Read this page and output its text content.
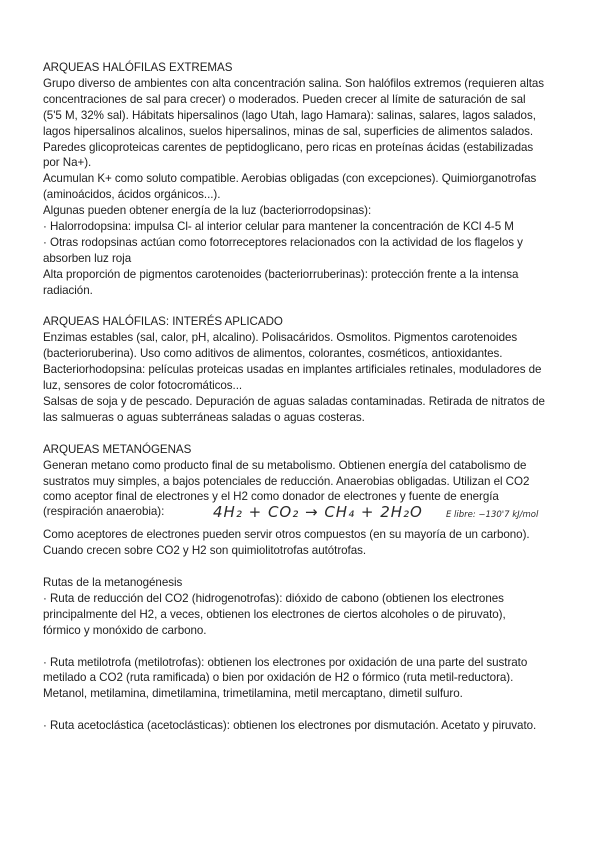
ARQUEAS HALÓFILAS EXTREMAS
Grupo diverso de ambientes con alta concentración salina. Son halófilos extremos (requieren altas
concentraciones de sal para crecer) o moderados. Pueden crecer al límite de saturación de sal
(5'5 M, 32% sal). Hábitats hipersalinos (lago Utah, lago Hamara): salinas, salares, lagos salados,
lagos hipersalinos alcalinos, suelos hipersalinos, minas de sal, superficies de alimentos salados.
Paredes glicoproteicas carentes de peptidoglicano, pero ricas en proteínas ácidas (estabilizadas
por Na+).
Acumulan K+ como soluto compatible. Aerobias obligadas (con excepciones). Quimiorganotrofas
(aminoácidos, ácidos orgánicos...).
Algunas pueden obtener energía de la luz (bacteriorrodopsinas):
· Halorrodopsina: impulsa Cl- al interior celular para mantener la concentración de KCl 4-5 M
· Otras rodopsinas actúan como fotorreceptores relacionados con la actividad de los flagelos y
absorben luz roja
Alta proporción de pigmentos carotenoides (bacteriorruberinas): protección frente a la intensa
radiación.
ARQUEAS HALÓFILAS: INTERÉS APLICADO
Enzimas estables (sal, calor, pH, alcalino). Polisacáridos. Osmolitos. Pigmentos carotenoides
(bacterioruberina). Uso como aditivos de alimentos, colorantes, cosméticos, antioxidantes.
Bacteriorhodopsina: películas proteicas usadas en implantes artificiales retinales, moduladores de
luz, sensores de color fotocromáticos...
Salsas de soja y de pescado. Depuración de aguas saladas contaminadas. Retirada de nitratos de
las salmueras o aguas subterráneas saladas o aguas costeras.
ARQUEAS METANÓGENAS
Generan metano como producto final de su metabolismo. Obtienen energía del catabolismo de
sustratos muy simples, a bajos potenciales de reducción. Anaerobias obligadas. Utilizan el CO2
como aceptor final de electrones y el H2 como donador de electrones y fuente de energía
(respiración anaerobia):	4H₂ + CO₂ → CH₄ + 2H₂O	E libre: −130'7 kJ/mol
Como aceptores de electrones pueden servir otros compuestos (en su mayoría de un carbono).
Cuando crecen sobre CO2 y H2 son quimiolitotrofas autótrofas.
Rutas de la metanogénesis
· Ruta de reducción del CO2 (hidrogenotrofas): dióxido de cabono (obtienen los electrones
principalmente del H2, a veces, obtienen los electrones de ciertos alcoholes o de piruvato),
fórmico y monóxido de carbono.
· Ruta metilotrofa (metilotrofas): obtienen los electrones por oxidación de una parte del sustrato
metilado a CO2 (ruta ramificada) o bien por oxidación de H2 o fórmico (ruta metil-reductora).
Metanol, metilamina, dimetilamina, trimetilamina, metil mercaptano, dimetil sulfuro.
· Ruta acetoclástica (acetoclásticas): obtienen los electrones por dismutación. Acetato y piruvato.
